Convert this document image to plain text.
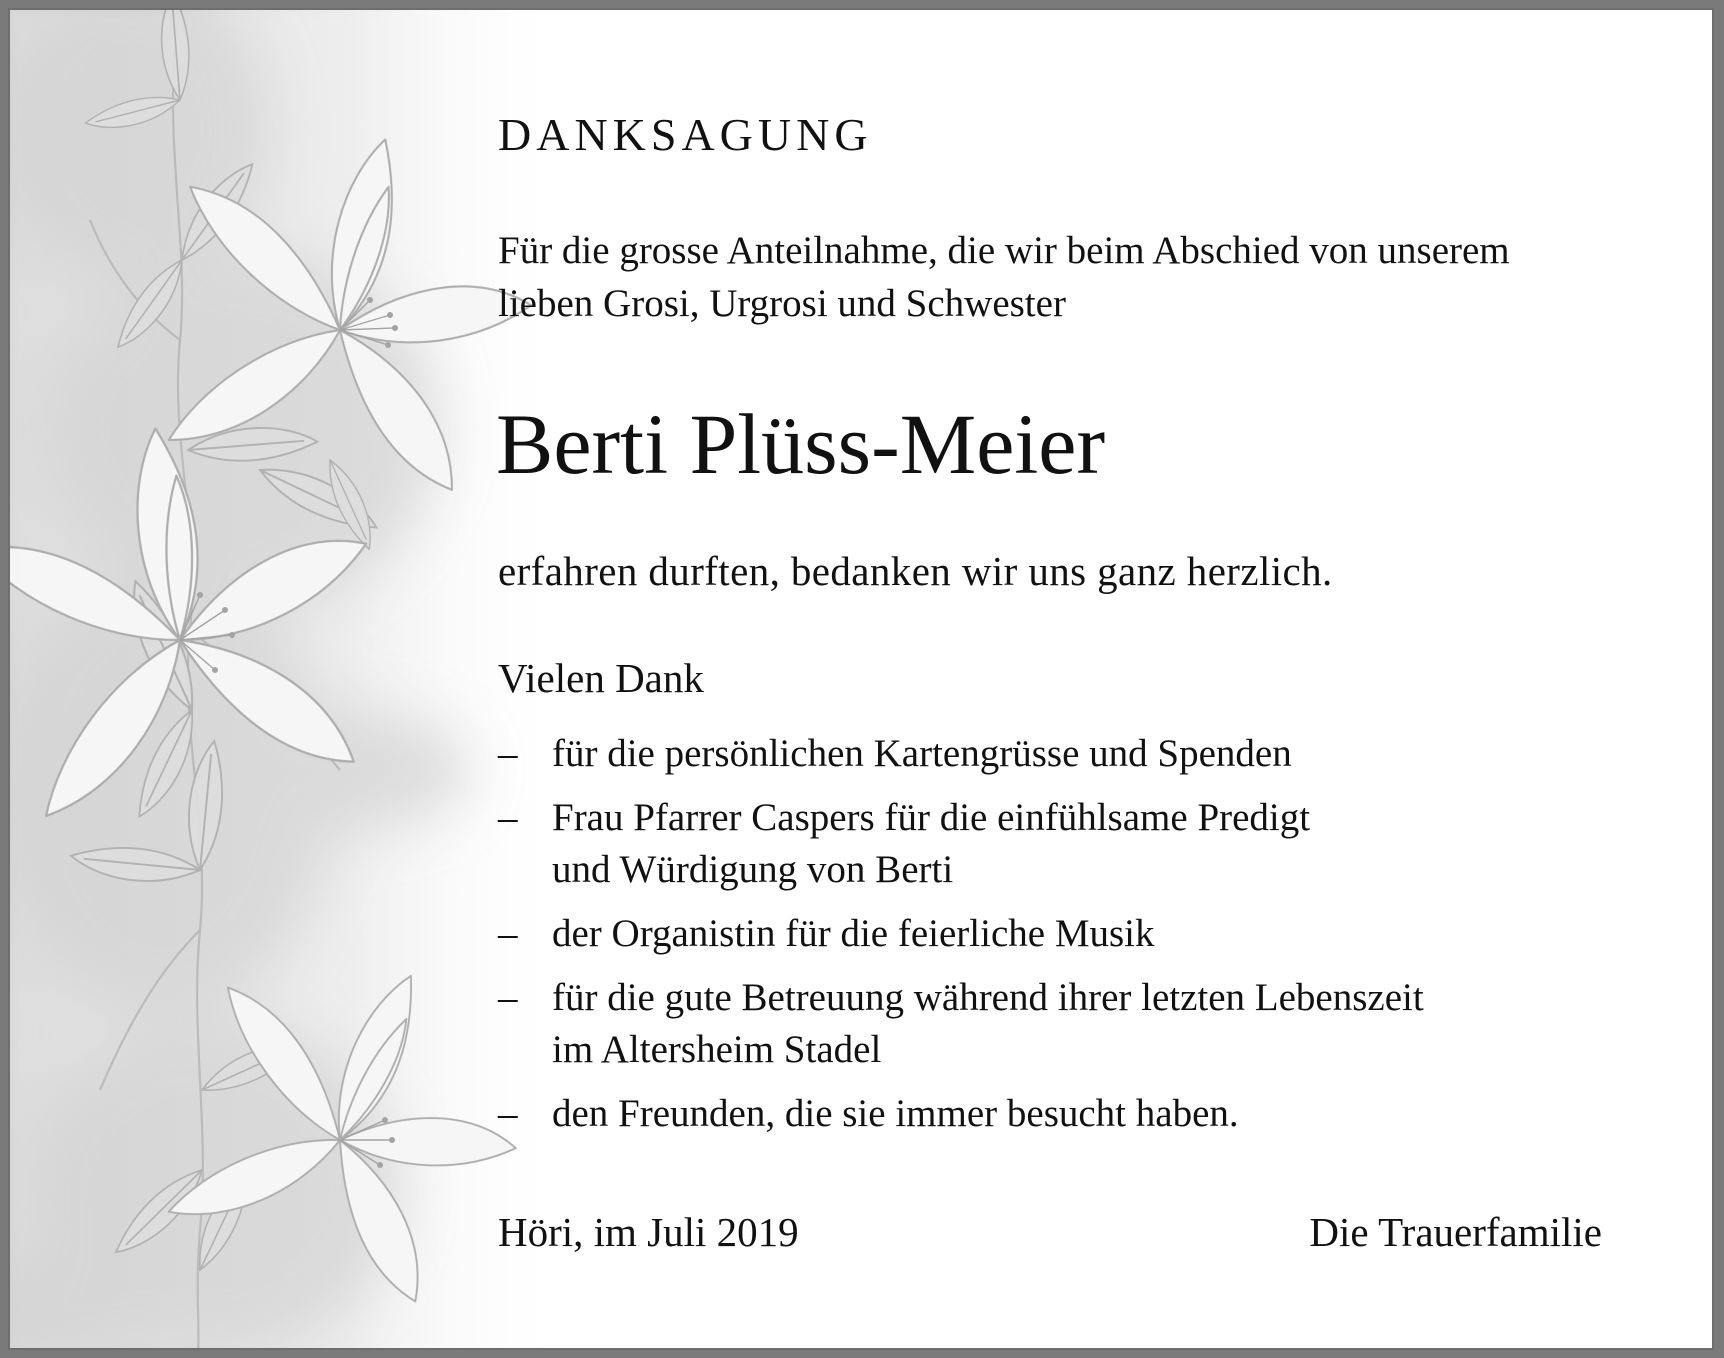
DANKSAGUNG

Für die grosse Anteilnahme, die wir beim Abschied von unserem
lieben Grosi, Urgrosi und Schwester

Berti Plüss-Meier

erfahren durften, bedanken wir uns ganz herzlich.

Vielen Dank

– für die persönlichen Kartengrüsse und Spenden
– Frau Pfarrer Caspers für die einfühlsame Predigt
und Würdigung von Berti
– der Organistin für die feierliche Musik
– für die gute Betreuung während ihrer letzten Lebenszeit
im Altersheim Stadel
– den Freunden, die sie immer besucht haben.

Höri, im Juli 2019	Die Trauerfamilie
